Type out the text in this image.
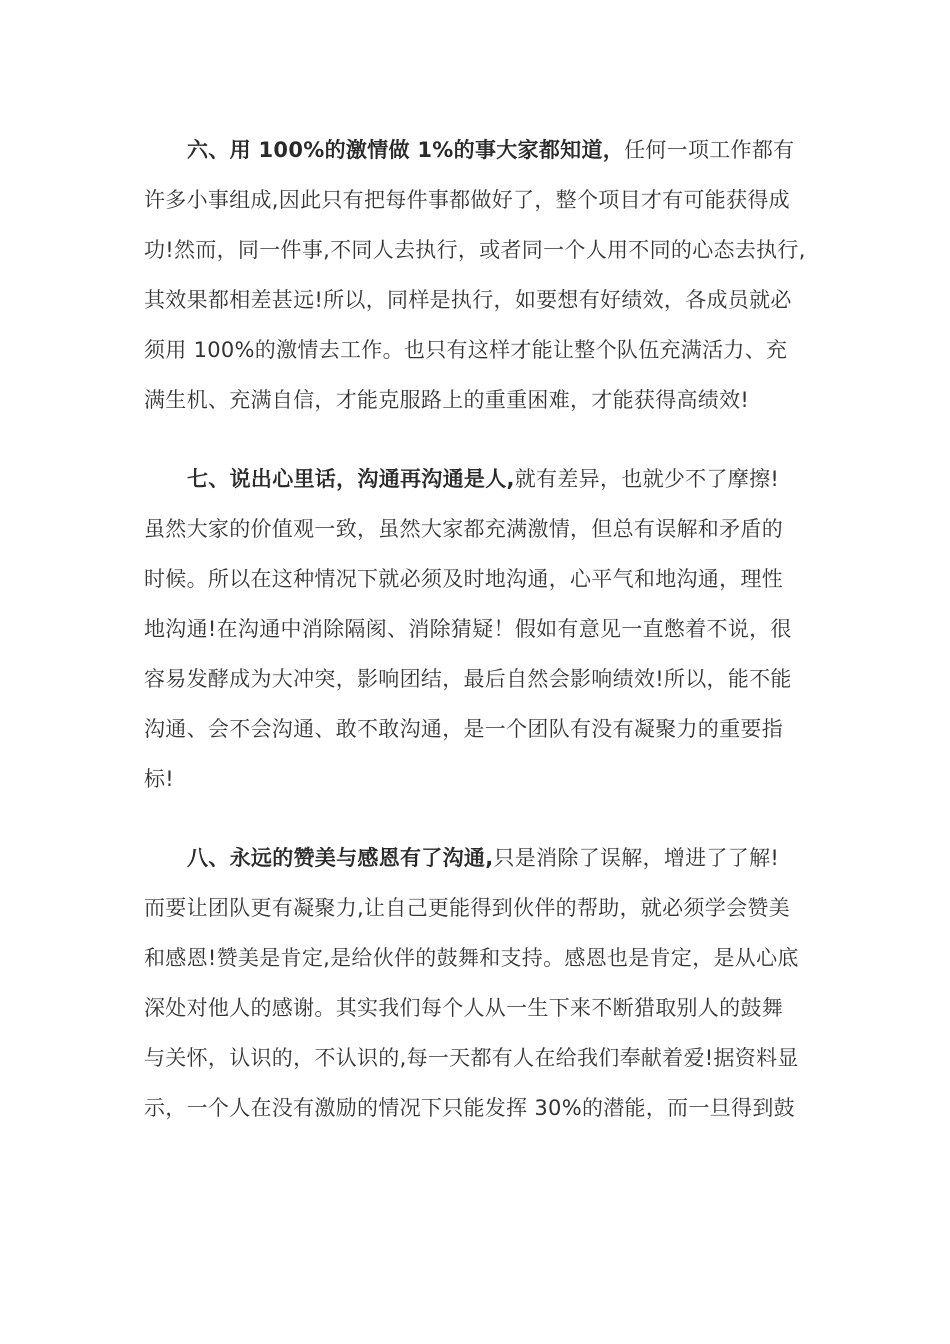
六、用 100%的激情做 1%的事大家都知道，任何一项工作都有
许多小事组成,因此只有把每件事都做好了，整个项目才有可能获得成
功!然而，同一件事,不同人去执行，或者同一个人用不同的心态去执行,
其效果都相差甚远!所以，同样是执行，如要想有好绩效，各成员就必
须用 100%的激情去工作。也只有这样才能让整个队伍充满活力、充
满生机、充满自信，才能克服路上的重重困难，才能获得高绩效!
七、说出心里话，沟通再沟通是人,就有差异，也就少不了摩擦!
虽然大家的价值观一致，虽然大家都充满激情，但总有误解和矛盾的
时候。所以在这种情况下就必须及时地沟通，心平气和地沟通，理性
地沟通!在沟通中消除隔阂、消除猜疑！假如有意见一直憋着不说，很
容易发酵成为大冲突，影响团结，最后自然会影响绩效!所以，能不能
沟通、会不会沟通、敢不敢沟通，是一个团队有没有凝聚力的重要指
标!
八、永远的赞美与感恩有了沟通,只是消除了误解，增进了了解!
而要让团队更有凝聚力,让自己更能得到伙伴的帮助，就必须学会赞美
和感恩!赞美是肯定,是给伙伴的鼓舞和支持。感恩也是肯定，是从心底
深处对他人的感谢。其实我们每个人从一生下来不断猎取别人的鼓舞
与关怀，认识的，不认识的,每一天都有人在给我们奉献着爱!据资料显
示，一个人在没有激励的情况下只能发挥 30%的潜能，而一旦得到鼓
